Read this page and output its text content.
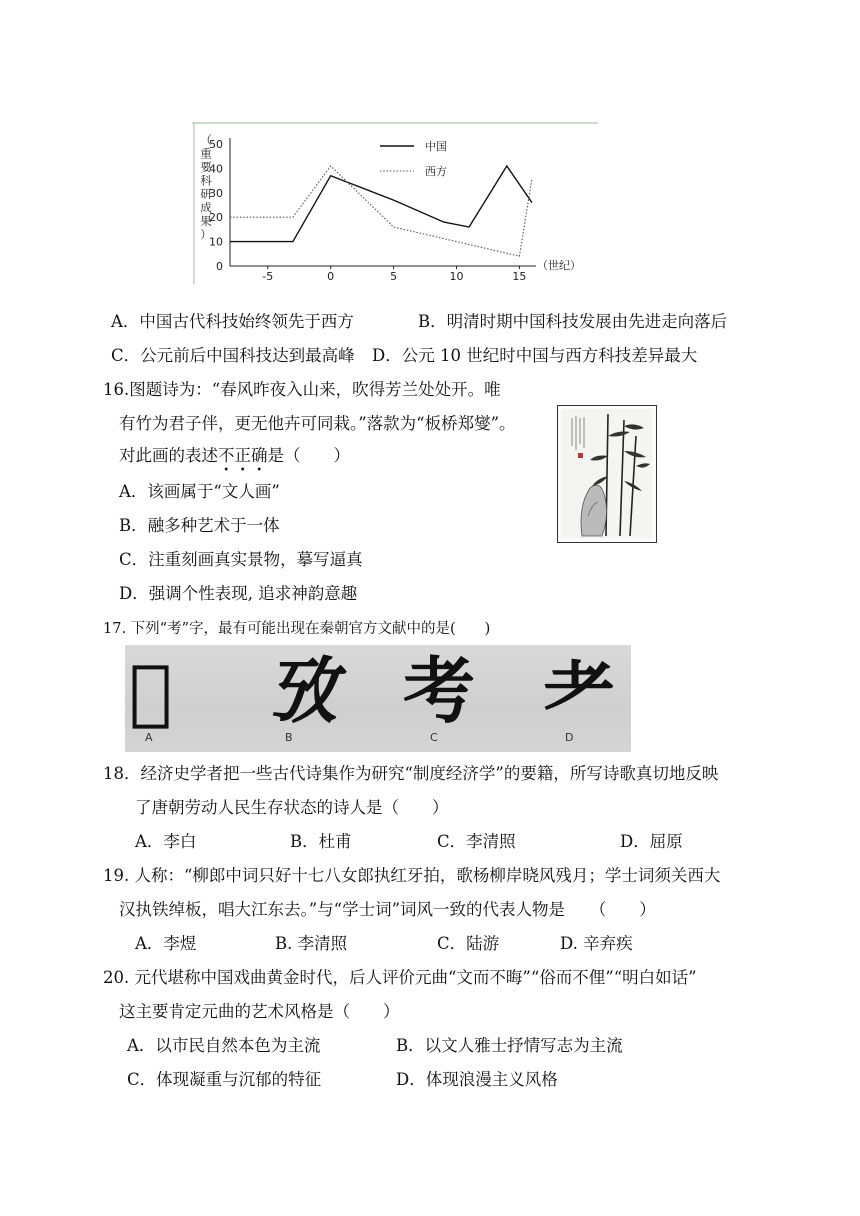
（
重
要
科
研
成
果
）
0
10
20
30
40
50
-5	0	5	10	15
中国
西方
（世纪）
A．中国古代科技始终领先于西方	B．明清时期中国科技发展由先进走向落后
C．公元前后中国科技达到最高峰 D．公元 10 世纪时中国与西方科技差异最大
16.图题诗为：“春风昨夜入山来，吹得芳兰处处开。唯
有竹为君子伴，更无他卉可同栽。”落款为“板桥郑燮”。
对此画的表述不正确是（　　）
A．该画属于“文人画”
B．融多种艺术于一体
C．注重刻画真实景物，摹写逼真
D．强调个性表现, 追求神韵意趣
17. 下列“考”字，最有可能出现在秦朝官方文献中的是(　　)
𠦠 攷 考 耂
A	B	C	D
18．经济史学者把一些古代诗集作为研究“制度经济学”的要籍，所写诗歌真切地反映
了唐朝劳动人民生存状态的诗人是（　　）
A．李白	B．杜甫	C．李清照	D．屈原
19. 人称：“柳郎中词只好十七八女郎执红牙拍，歌杨柳岸晓风残月；学士词须关西大
汉执铁绰板，唱大江东去。”与“学士词”词风一致的代表人物是　　（　　）
A．李煜	B. 李清照	C．陆游	D. 辛弃疾
20. 元代堪称中国戏曲黄金时代，后人评价元曲“文而不晦”“俗而不俚”“明白如话”
这主要肯定元曲的艺术风格是（　　）
A．以市民自然本色为主流	B．以文人雅士抒情写志为主流
C．体现凝重与沉郁的特征	D．体现浪漫主义风格
